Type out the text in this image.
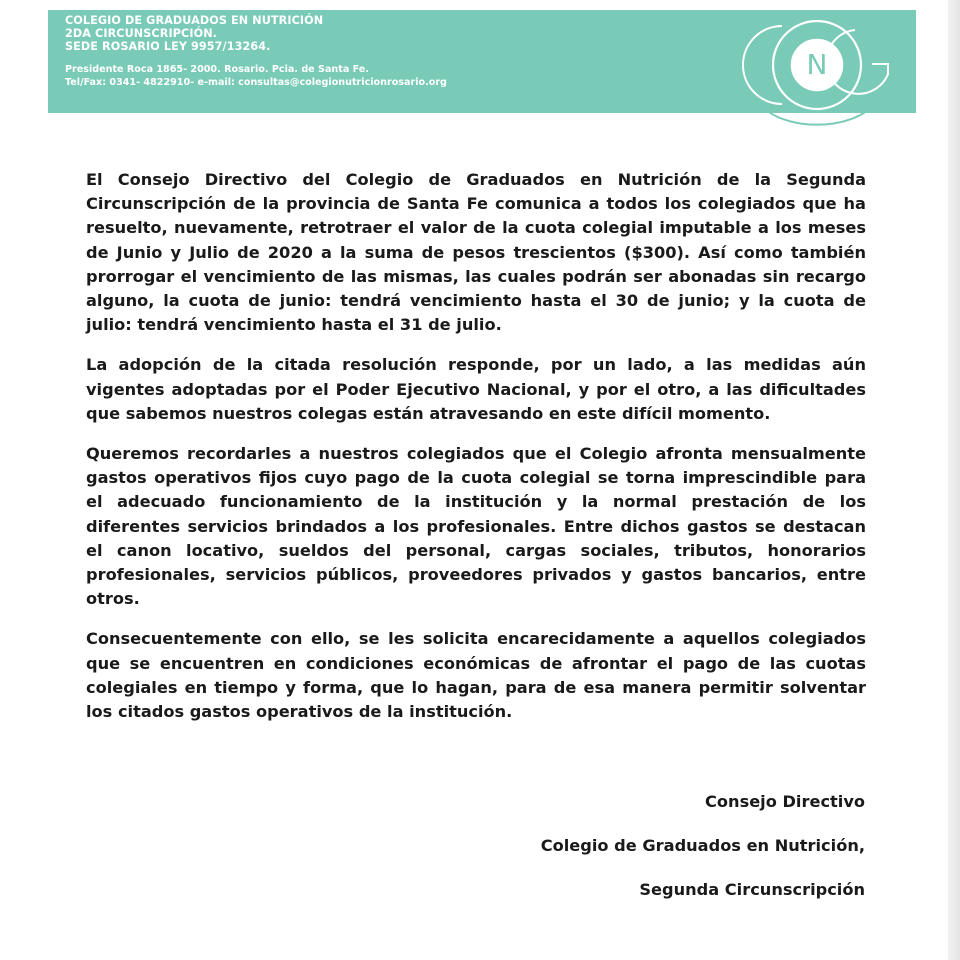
COLEGIO DE GRADUADOS EN NUTRICIÓN
2DA CIRCUNSCRIPCIÓN.
SEDE ROSARIO LEY 9957/13264.
Presidente Roca 1865- 2000. Rosario. Pcia. de Santa Fe.
Tel/Fax: 0341- 4822910- e-mail: consultas@colegionutricionrosario.org
N

El Consejo Directivo del Colegio de Graduados en Nutrición de la Segunda Circunscripción de la provincia de Santa Fe comunica a todos los colegiados que ha resuelto, nuevamente, retrotraer el valor de la cuota colegial imputable a los meses de Junio y Julio de 2020 a la suma de pesos trescientos ($300). Así como también prorrogar el vencimiento de las mismas, las cuales podrán ser abonadas sin recargo alguno, la cuota de junio: tendrá vencimiento hasta el 30 de junio; y la cuota de julio: tendrá vencimiento hasta el 31 de julio.

La adopción de la citada resolución responde, por un lado, a las medidas aún vigentes adoptadas por el Poder Ejecutivo Nacional, y por el otro, a las dificultades que sabemos nuestros colegas están atravesando en este difícil momento.

Queremos recordarles a nuestros colegiados que el Colegio afronta mensualmente gastos operativos fijos cuyo pago de la cuota colegial se torna imprescindible para el adecuado funcionamiento de la institución y la normal prestación de los diferentes servicios brindados a los profesionales. Entre dichos gastos se destacan el canon locativo, sueldos del personal, cargas sociales, tributos, honorarios profesionales, servicios públicos, proveedores privados y gastos bancarios, entre otros.

Consecuentemente con ello, se les solicita encarecidamente a aquellos colegiados que se encuentren en condiciones económicas de afrontar el pago de las cuotas colegiales en tiempo y forma, que lo hagan, para de esa manera permitir solventar los citados gastos operativos de la institución.

Consejo Directivo
Colegio de Graduados en Nutrición,
Segunda Circunscripción
